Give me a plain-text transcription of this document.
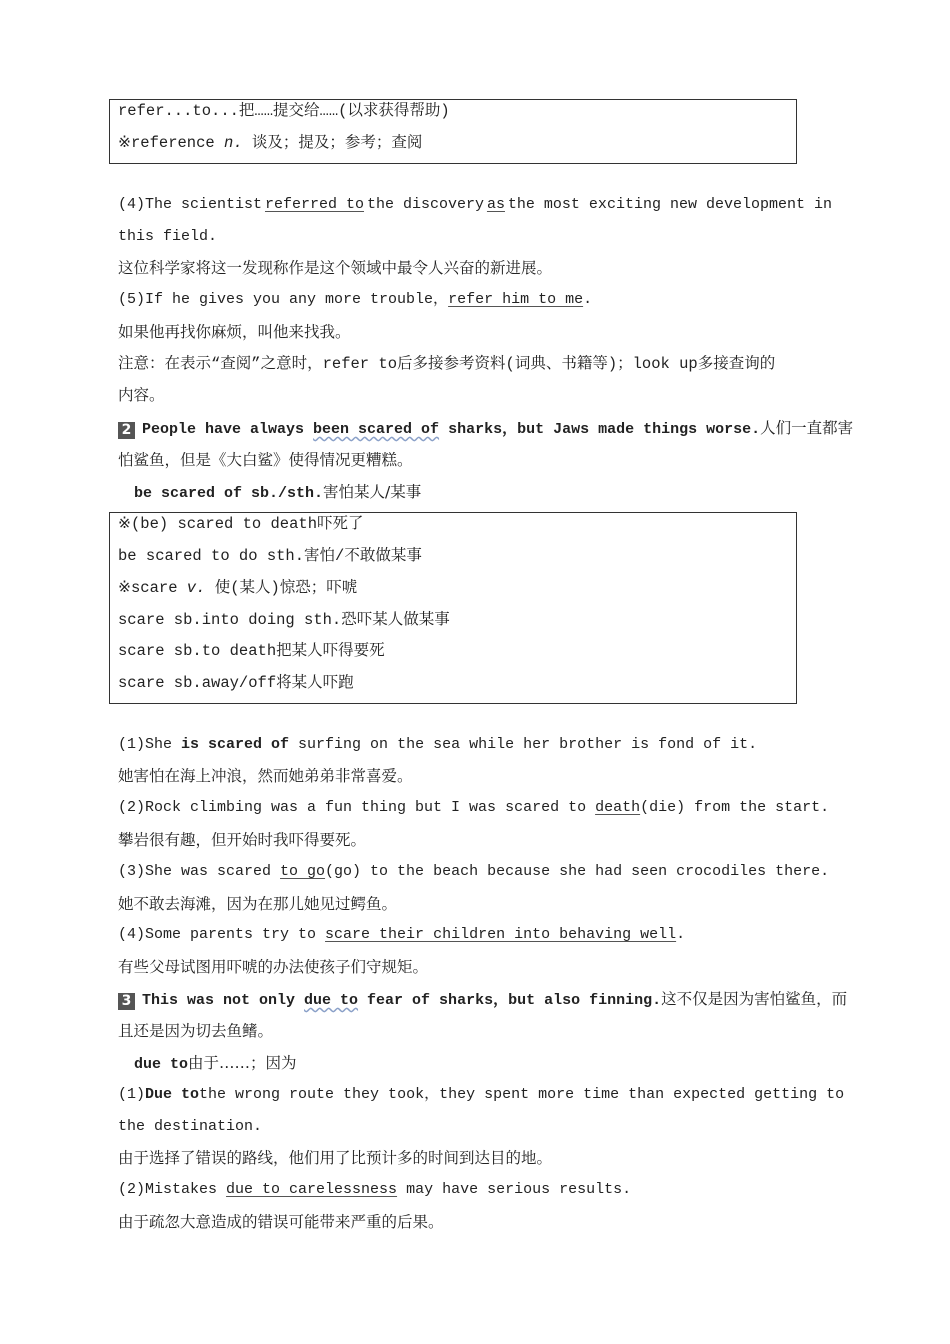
refer...to...把……提交给……(以求获得帮助)
※reference n. 谈及；提及；参考；查阅
(4)The scientist referred to the discovery as the most exciting new development in
this field.
这位科学家将这一发现称作是这个领域中最令人兴奋的新进展。
(5)If he gives you any more trouble，refer him to me.
如果他再找你麻烦，叫他来找我。
注意：在表示“查阅”之意时，refer to后多接参考资料(词典、书籍等)；look up多接查询的
内容。
2 People have always been scared of sharks，but Jaws made things worse.人们一直都害
怕鲨鱼，但是《大白鲨》使得情况更糟糕。
be scared of sb./sth.害怕某人/某事
※(be) scared to death吓死了
be scared to do sth.害怕/不敢做某事
※scare v. 使(某人)惊恐；吓唬
scare sb.into doing sth.恐吓某人做某事
scare sb.to death把某人吓得要死
scare sb.away/off将某人吓跑
(1)She is scared of surfing on the sea while her brother is fond of it.
她害怕在海上冲浪，然而她弟弟非常喜爱。
(2)Rock climbing was a fun thing but I was scared to death(die) from the start.
攀岩很有趣，但开始时我吓得要死。
(3)She was scared to go(go) to the beach because she had seen crocodiles there.
她不敢去海滩，因为在那儿她见过鳄鱼。
(4)Some parents try to scare their children into behaving well.
有些父母试图用吓唬的办法使孩子们守规矩。
3 This was not only due to fear of sharks，but also finning.这不仅是因为害怕鲨鱼，而
且还是因为切去鱼鳍。
due to由于……；因为
(1)Due to the wrong route they took，they spent more time than expected getting to
the destination.
由于选择了错误的路线，他们用了比预计多的时间到达目的地。
(2)Mistakes due to carelessness may have serious results.
由于疏忽大意造成的错误可能带来严重的后果。
